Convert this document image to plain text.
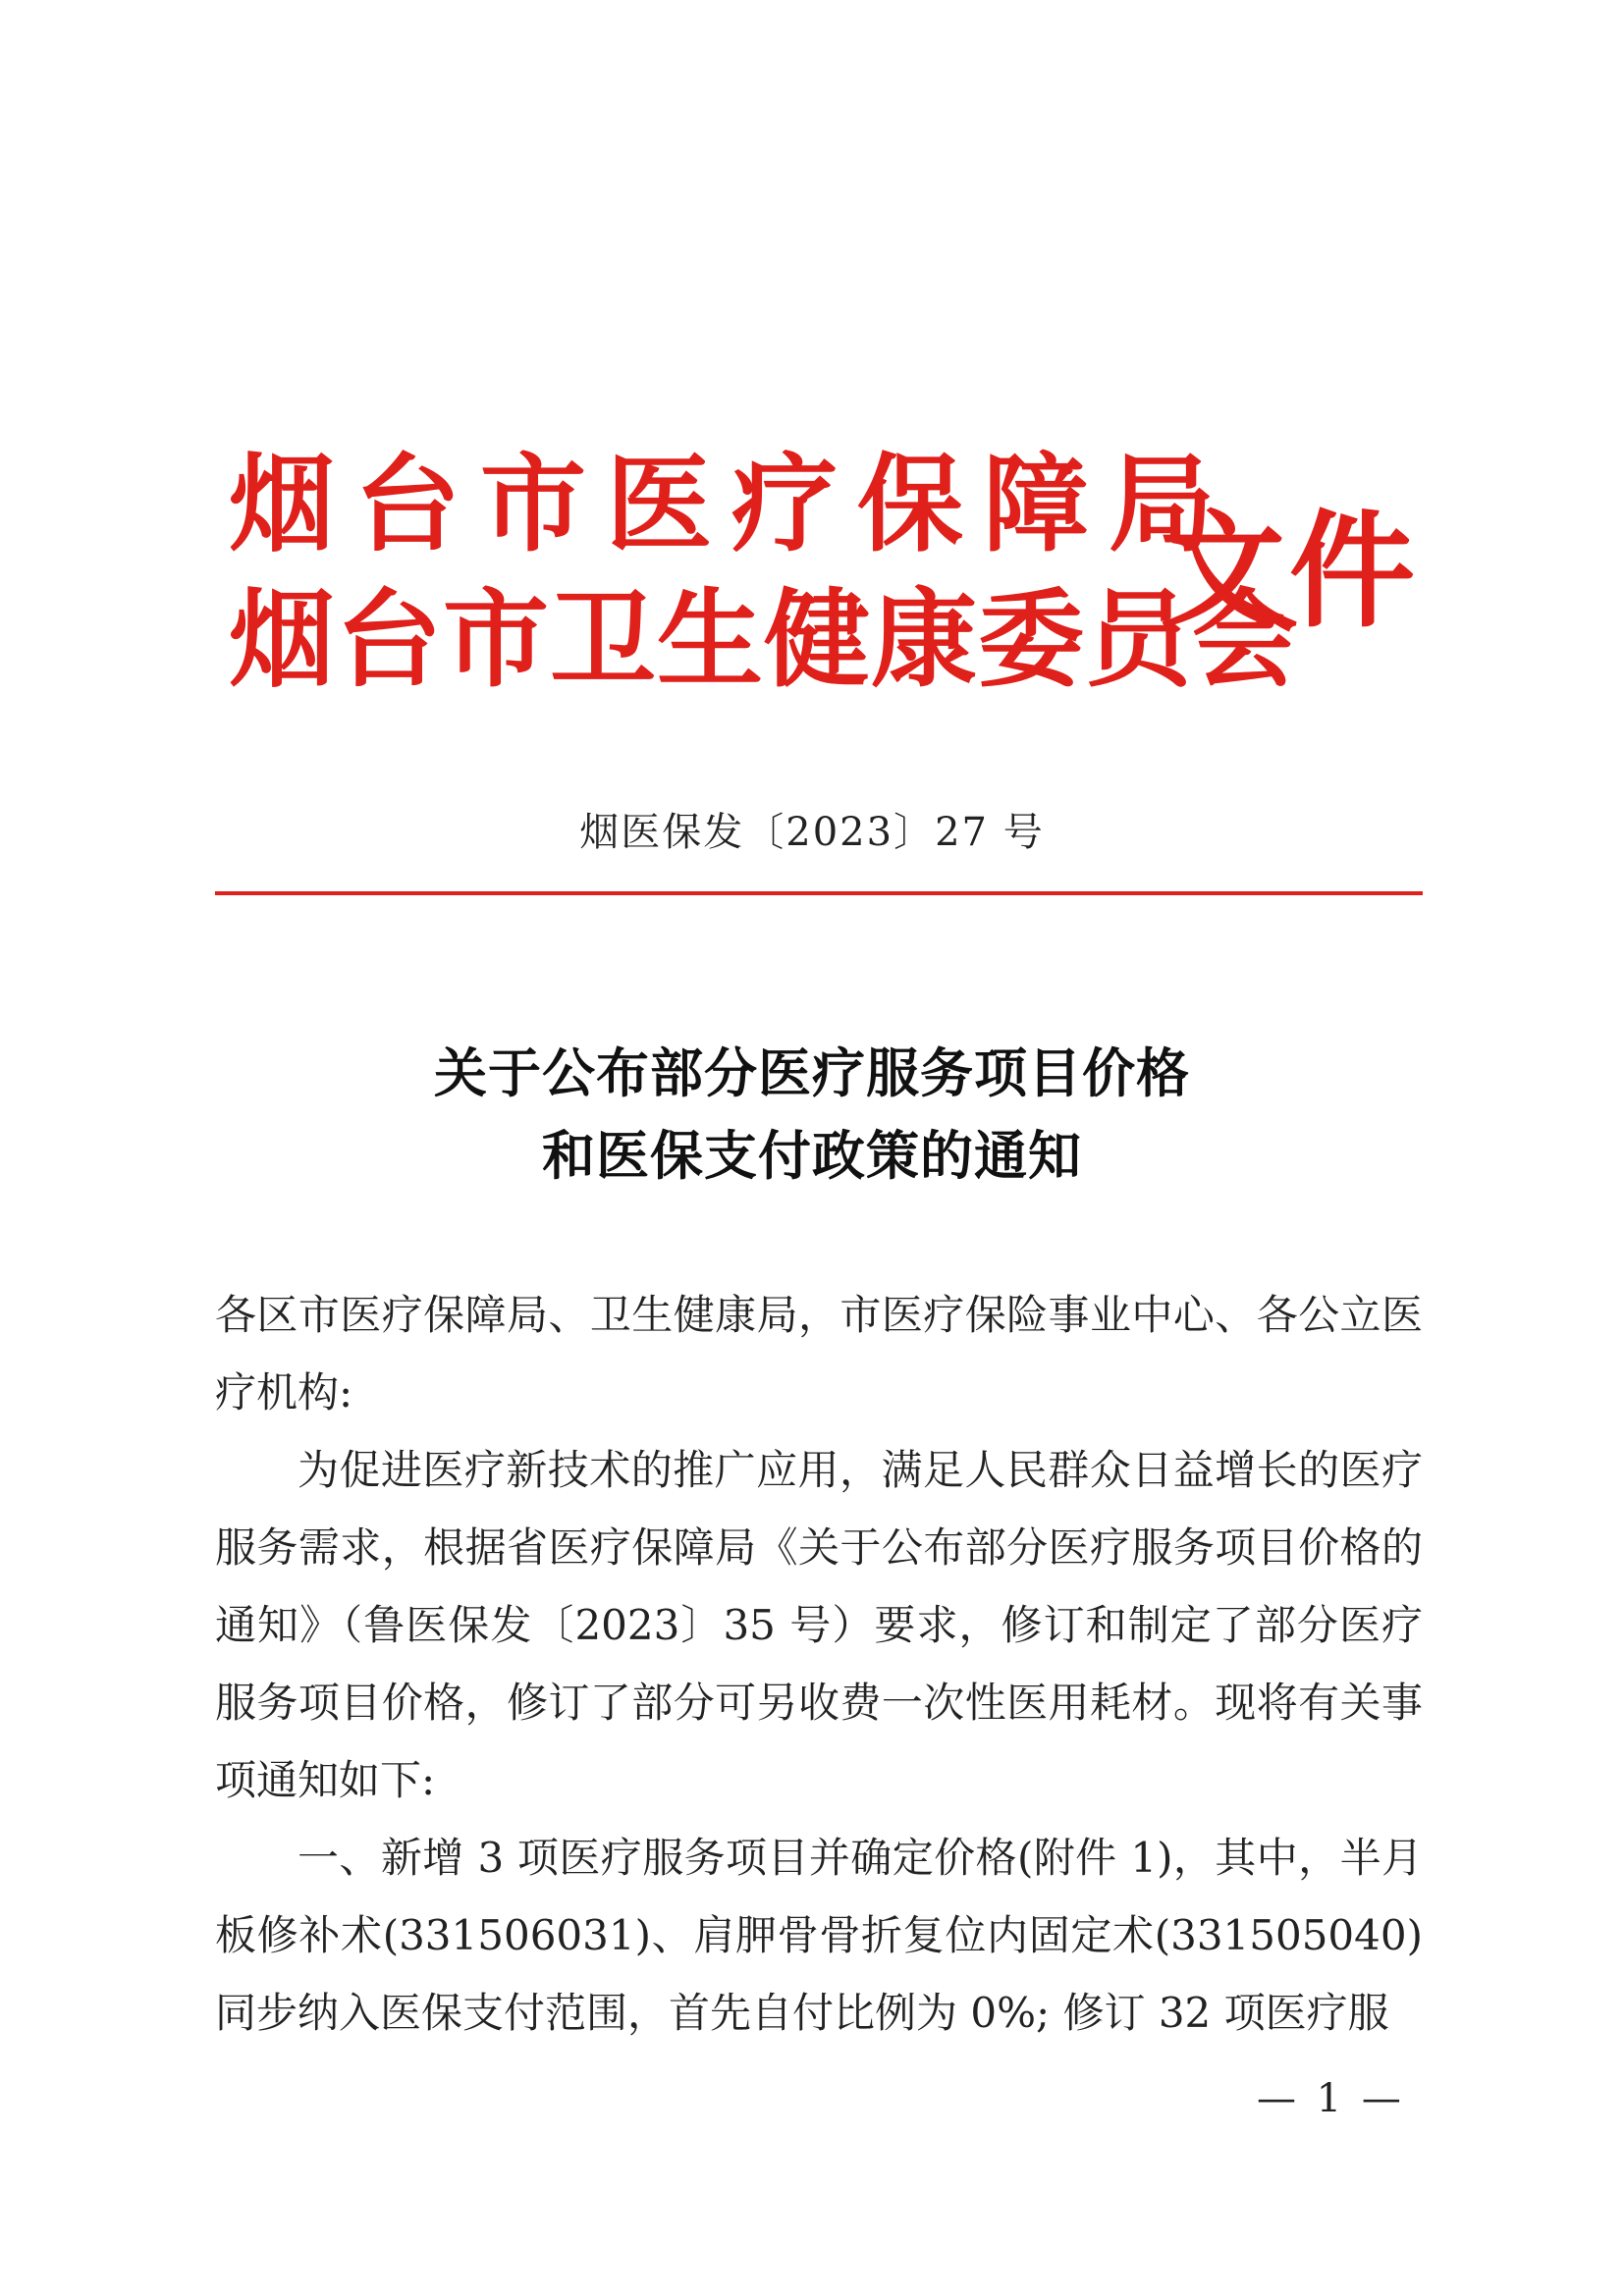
烟台市医疗保障局
烟台市卫生健康委员会
文件
烟医保发〔2023〕27 号
关于公布部分医疗服务项目价格
和医保支付政策的通知

各区市医疗保障局、卫生健康局，市医疗保险事业中心、各公立医疗机构:

为促进医疗新技术的推广应用，满足人民群众日益增长的医疗服务需求，根据省医疗保障局《关于公布部分医疗服务项目价格的通知》（鲁医保发〔2023〕35 号）要求，修订和制定了部分医疗服务项目价格，修订了部分可另收费一次性医用耗材。现将有关事项通知如下:

一、新增 3 项医疗服务项目并确定价格(附件 1)，其中，半月板修补术(331506031)、肩胛骨骨折复位内固定术(331505040)同步纳入医保支付范围，首先自付比例为 0%; 修订 32 项医疗服

— 1 —
